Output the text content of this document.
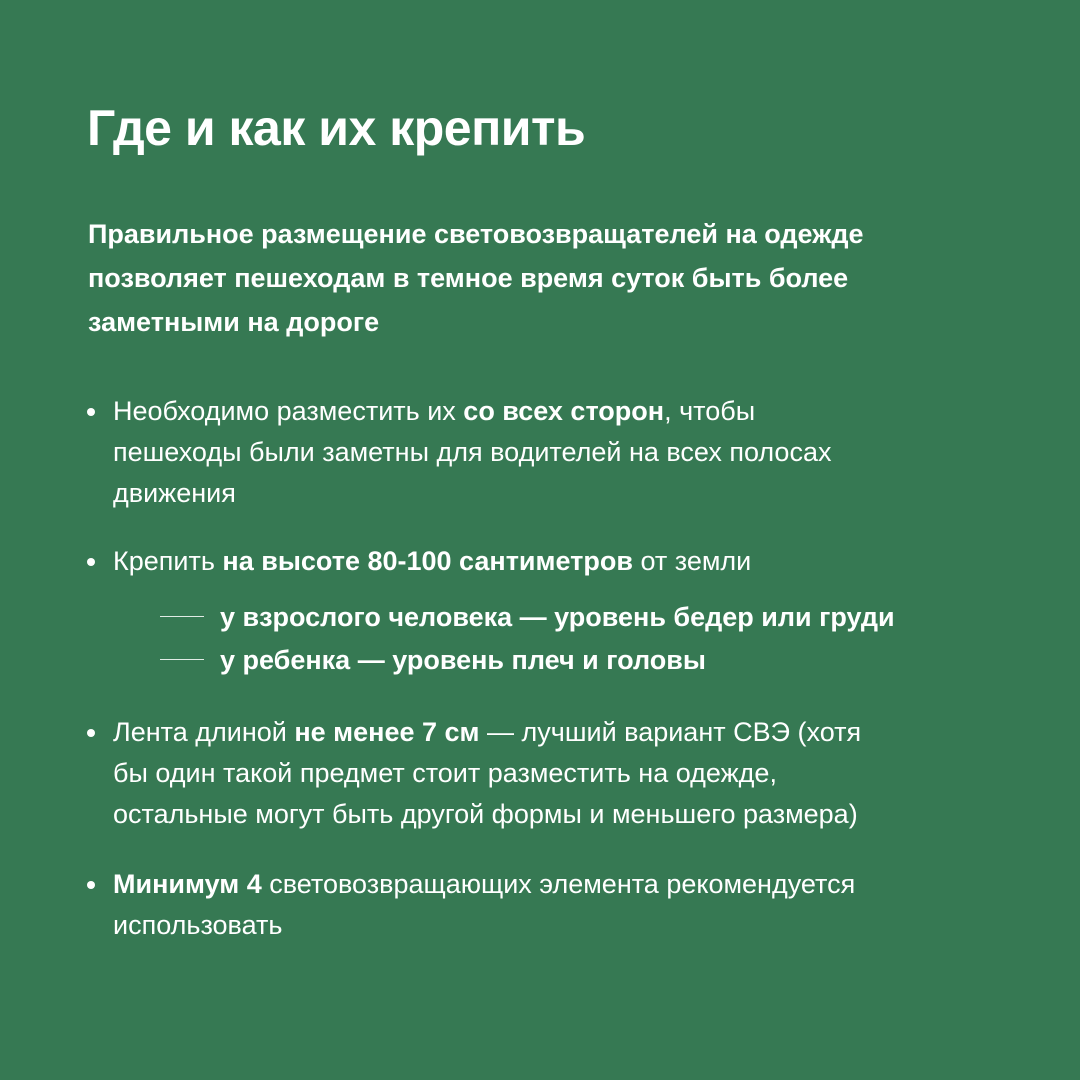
Где и как их крепить
Правильное размещение световозвращателей на одежде
позволяет пешеходам в темное время суток быть более
заметными на дороге
Необходимо разместить их со всех сторон, чтобы
пешеходы были заметны для водителей на всех полосах
движения
Крепить на высоте 80-100 сантиметров от земли
у взрослого человека — уровень бедер или груди
у ребенка — уровень плеч и головы
Лента длиной не менее 7 см — лучший вариант СВЭ (хотя
бы один такой предмет стоит разместить на одежде,
остальные могут быть другой формы и меньшего размера)
Минимум 4 световозвращающих элемента рекомендуется
использовать
